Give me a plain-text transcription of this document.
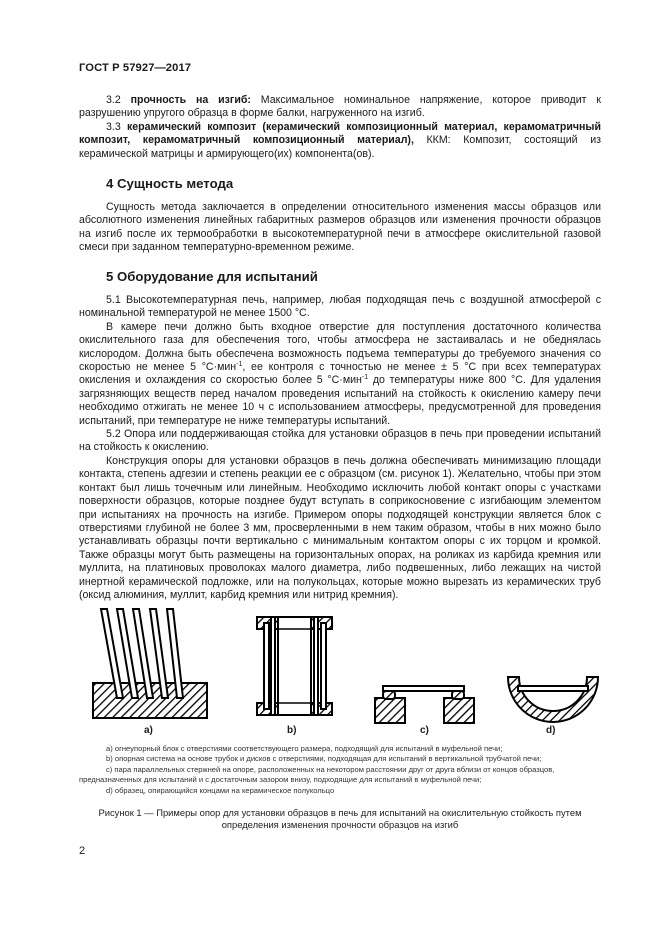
ГОСТ Р 57927—2017

3.2 прочность на изгиб: Максимальное номинальное напряжение, которое приводит к разрушению упругого образца в форме балки, нагруженного на изгиб.

3.3 керамический композит (керамический композиционный материал, керамоматричный композит, керамоматричный композиционный материал), ККМ: Композит, состоящий из керамической матрицы и армирующего(их) компонента(ов).

4 Сущность метода

Сущность метода заключается в определении относительного изменения массы образцов или абсолютного изменения линейных габаритных размеров образцов или изменения прочности образцов на изгиб после их термообработки в высокотемпературной печи в атмосфере окислительной газовой смеси при заданном температурно-временном режиме.

5 Оборудование для испытаний

5.1 Высокотемпературная печь, например, любая подходящая печь с воздушной атмосферой с номинальной температурой не менее 1500 °С.

В камере печи должно быть входное отверстие для поступления достаточного количества окислительного газа для обеспечения того, чтобы атмосфера не застаивалась и не обеднялась кислородом. Должна быть обеспечена возможность подъема температуры до требуемого значения со скоростью не менее 5 °С·мин$^{-1}$, ее контроля с точностью не менее ± 5 °С при всех температурах окисления и охлаждения со скоростью более 5 °С·мин$^{-1}$ до температуры ниже 800 °С. Для удаления загрязняющих веществ перед началом проведения испытаний на стойкость к окислению камеру печи необходимо отжигать не менее 10 ч с использованием атмосферы, предусмотренной для проведения испытаний, при температуре не ниже температуры испытаний.

5.2 Опора или поддерживающая стойка для установки образцов в печь при проведении испытаний на стойкость к окислению.

Конструкция опоры для установки образцов в печь должна обеспечивать минимизацию площади контакта, степень адгезии и степень реакции ее с образцом (см. рисунок 1). Желательно, чтобы при этом контакт был лишь точечным или линейным. Необходимо исключить любой контакт опоры с участками поверхности образцов, которые позднее будут вступать в соприкосновение с изгибающим элементом при испытаниях на прочность на изгибе. Примером опоры подходящей конструкции является блок с отверстиями глубиной не более 3 мм, просверленными в нем таким образом, чтобы в них можно было устанавливать образцы почти вертикально с минимальным контактом опоры с их торцом и кромкой. Также образцы могут быть размещены на горизонтальных опорах, на роликах из карбида кремния или муллита, на платиновых проволоках малого диаметра, либо подвешенных, либо лежащих на чистой инертной керамической подложке, или на полукольцах, которые можно вырезать из керамических труб (оксид алюминия, муллит, карбид кремния или нитрид кремния).

a)	b)	c)	d)

a) огнеупорный блок с отверстиями соответствующего размера, подходящий для испытаний в муфельной печи;

b) опорная система на основе трубок и дисков с отверстиями, подходящая для испытаний в вертикальной трубчатой печи;

c) пара параллельных стержней на опоре, расположенных на некотором расстоянии друг от друга вблизи от концов образцов, предназначенных для испытаний и с достаточным зазором внизу, подходящие для испытаний в муфельной печи;

d) образец, опирающийся концами на керамическое полукольцо

Рисунок 1 — Примеры опор для установки образцов в печь для испытаний на окислительную стойкость путем определения изменения прочности образцов на изгиб
2
